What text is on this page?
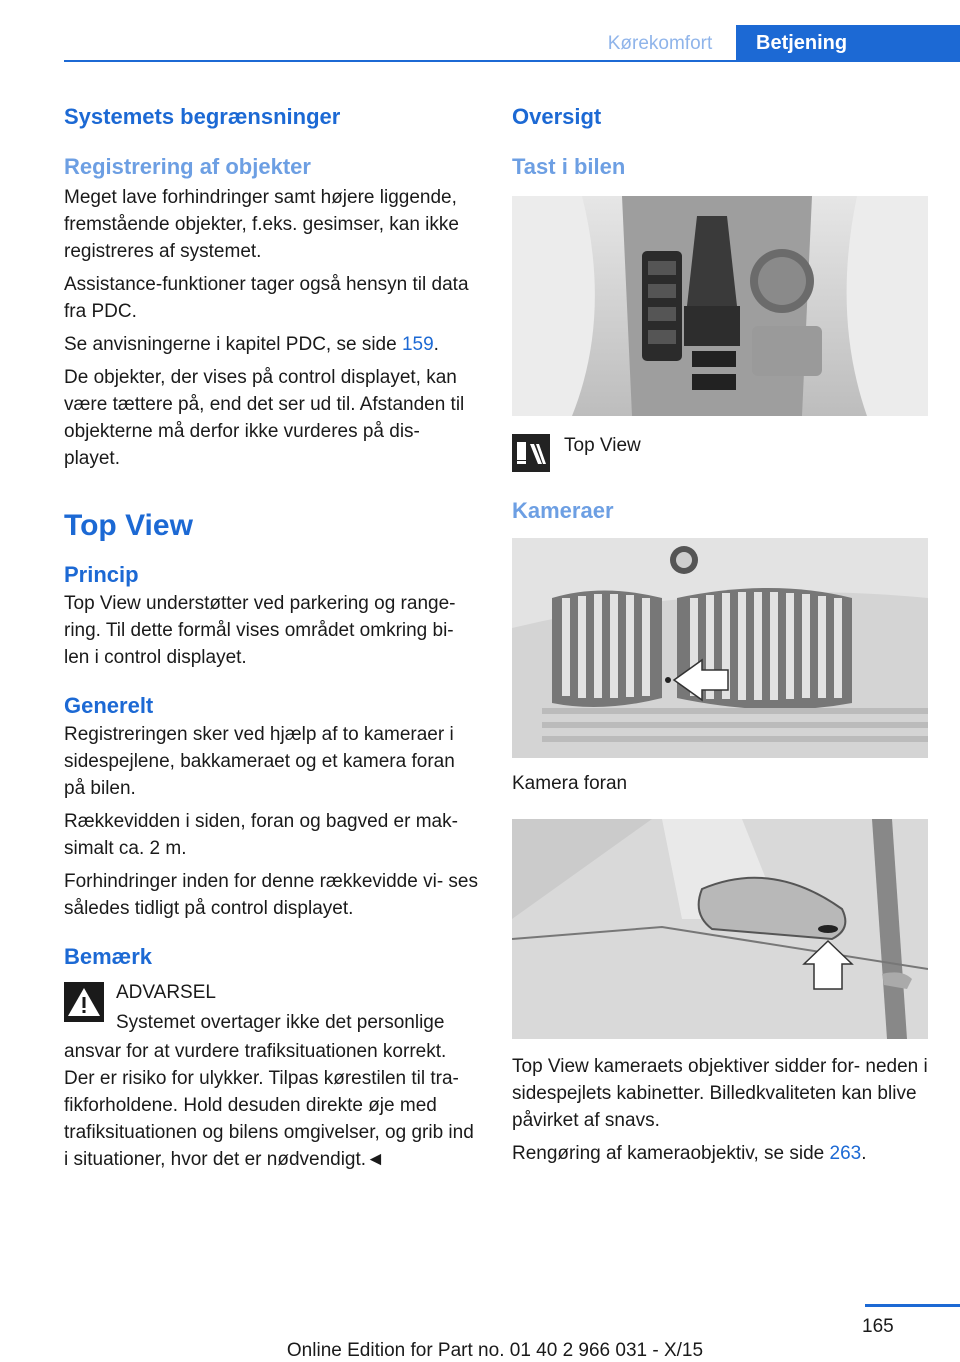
Kørekomfort	Betjening
Systemets begrænsninger
Registrering af objekter
Meget lave forhindringer samt højere liggende, fremstående objekter, f.eks. gesimser, kan ikke registreres af systemet.
Assistance-funktioner tager også hensyn til data fra PDC.
Se anvisningerne i kapitel PDC, se side 159.
De objekter, der vises på control displayet, kan være tættere på, end det ser ud til. Afstanden til objekterne må derfor ikke vurderes på dis‐ playet.
Top View
Princip
Top View understøtter ved parkering og range‐ ring. Til dette formål vises området omkring bi‐ len i control displayet.
Generelt
Registreringen sker ved hjælp af to kameraer i sidespejlene, bakkameraet og et kamera foran på bilen.
Rækkevidden i siden, foran og bagved er mak‐ simalt ca. 2 m.
Forhindringer inden for denne rækkevidde vi‐ ses således tidligt på control displayet.
Bemærk
ADVARSEL
Systemet overtager ikke det personlige
ansvar for at vurdere trafiksituationen korrekt. Der er risiko for ulykker. Tilpas kørestilen til tra‐ fikforholdene. Hold desuden direkte øje med trafiksituationen og bilens omgivelser, og grib ind i situationer, hvor det er nødvendigt.◄
Oversigt
Tast i bilen
Top View
Kameraer
Kamera foran
Top View kameraets objektiver sidder for‐ neden i sidespejlets kabinetter. Billedkvaliteten kan blive påvirket af snavs.
Rengøring af kameraobjektiv, se side 263.
165
Online Edition for Part no. 01 40 2 966 031 - X/15
